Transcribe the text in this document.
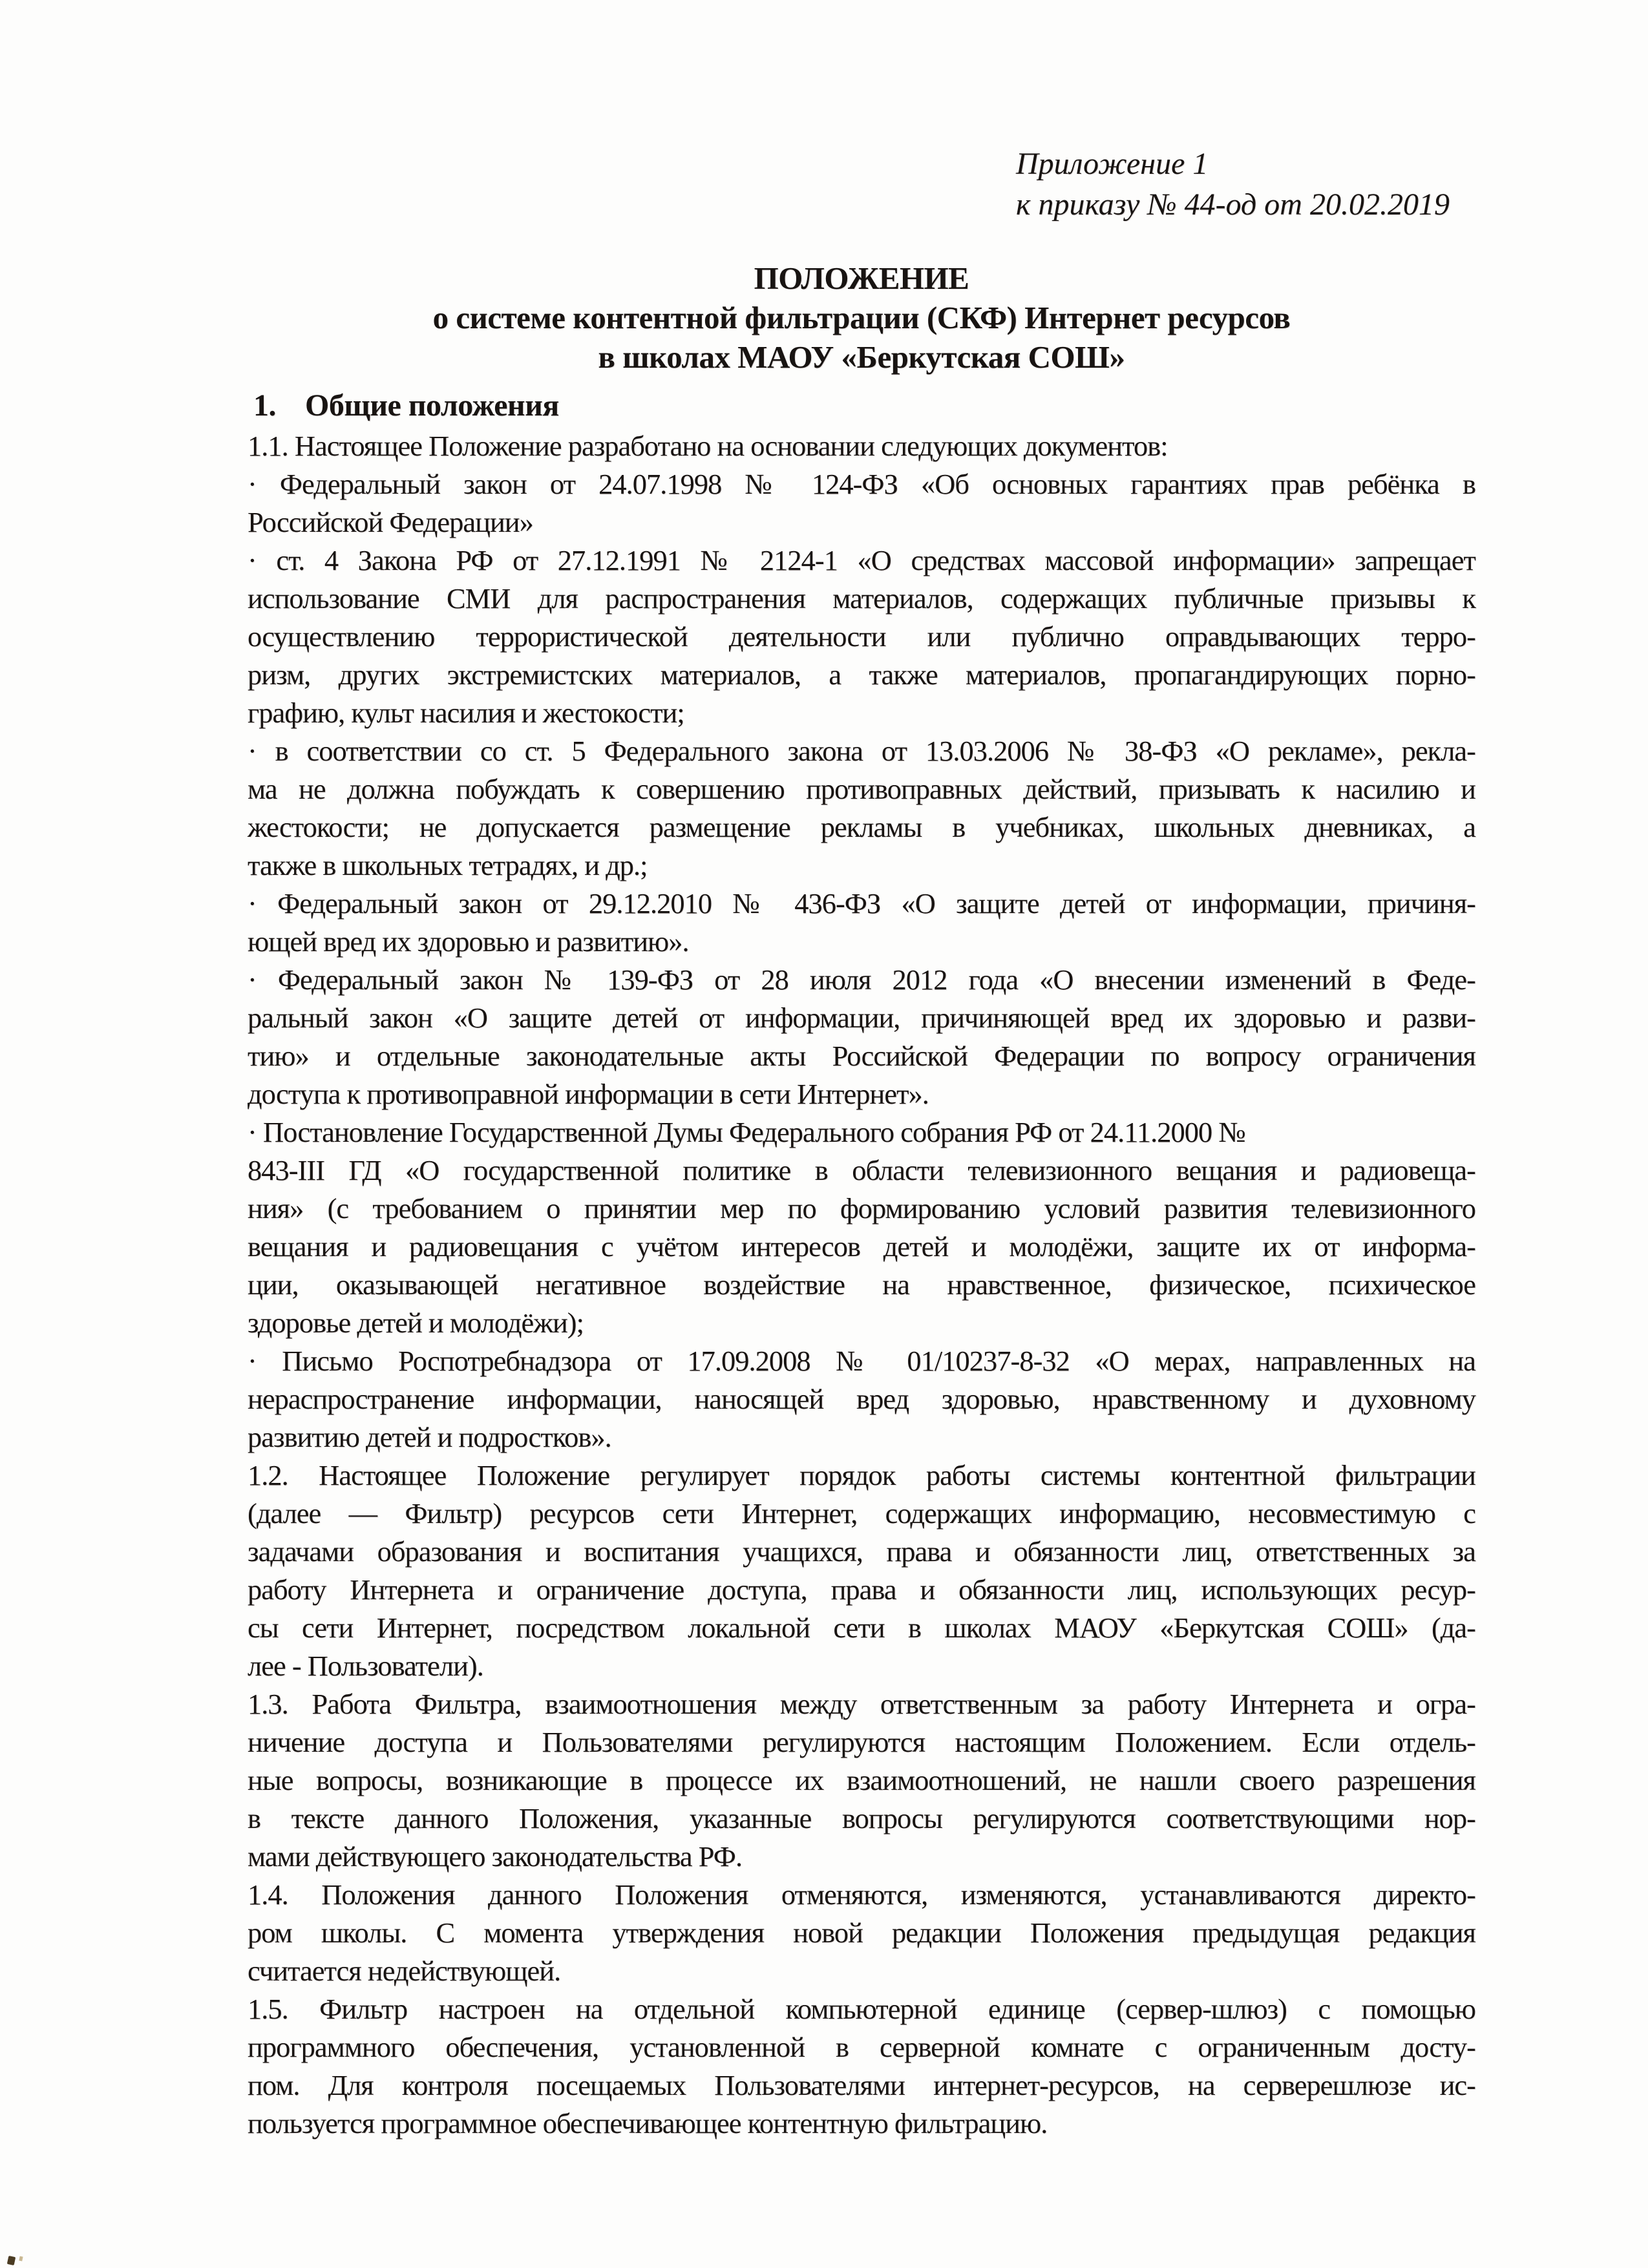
Приложение 1
к приказу № 44-од от 20.02.2019
ПОЛОЖЕНИЕ
о системе контентной фильтрации (СКФ) Интернет ресурсов
в школах МАОУ «Беркутская СОШ»
1. Общие положения
1.1. Настоящее Положение разработано на основании следующих документов:
· Федеральный закон от 24.07.1998 № 124-ФЗ «Об основных гарантиях прав ребёнка в
Российской Федерации»
· ст. 4 Закона РФ от 27.12.1991 № 2124-1 «О средствах массовой информации» запрещает
использование СМИ для распространения материалов, содержащих публичные призывы к
осуществлению террористической деятельности или публично оправдывающих терро-
ризм, других экстремистских материалов, а также материалов, пропагандирующих порно-
графию, культ насилия и жестокости;
· в соответствии со ст. 5 Федерального закона от 13.03.2006 № 38-ФЗ «О рекламе», рекла-
ма не должна побуждать к совершению противоправных действий, призывать к насилию и
жестокости; не допускается размещение рекламы в учебниках, школьных дневниках, а
также в школьных тетрадях, и др.;
· Федеральный закон от 29.12.2010 № 436-ФЗ «О защите детей от информации, причиня-
ющей вред их здоровью и развитию».
· Федеральный закон № 139-ФЗ от 28 июля 2012 года «О внесении изменений в Феде-
ральный закон «О защите детей от информации, причиняющей вред их здоровью и разви-
тию» и отдельные законодательные акты Российской Федерации по вопросу ограничения
доступа к противоправной информации в сети Интернет».
· Постановление Государственной Думы Федерального собрания РФ от 24.11.2000 №
843-III ГД «О государственной политике в области телевизионного вещания и радиовеща-
ния» (с требованием о принятии мер по формированию условий развития телевизионного
вещания и радиовещания с учётом интересов детей и молодёжи, защите их от информа-
ции, оказывающей негативное воздействие на нравственное, физическое, психическое
здоровье детей и молодёжи);
· Письмо Роспотребнадзора от 17.09.2008 № 01/10237-8-32 «О мерах, направленных на
нераспространение информации, наносящей вред здоровью, нравственному и духовному
развитию детей и подростков».
1.2. Настоящее Положение регулирует порядок работы системы контентной фильтрации
(далее — Фильтр) ресурсов сети Интернет, содержащих информацию, несовместимую с
задачами образования и воспитания учащихся, права и обязанности лиц, ответственных за
работу Интернета и ограничение доступа, права и обязанности лиц, использующих ресур-
сы сети Интернет, посредством локальной сети в школах МАОУ «Беркутская СОШ» (да-
лее - Пользователи).
1.3. Работа Фильтра, взаимоотношения между ответственным за работу Интернета и огра-
ничение доступа и Пользователями регулируются настоящим Положением. Если отдель-
ные вопросы, возникающие в процессе их взаимоотношений, не нашли своего разрешения
в тексте данного Положения, указанные вопросы регулируются соответствующими нор-
мами действующего законодательства РФ.
1.4. Положения данного Положения отменяются, изменяются, устанавливаются директо-
ром школы. С момента утверждения новой редакции Положения предыдущая редакция
считается недействующей.
1.5. Фильтр настроен на отдельной компьютерной единице (сервер-шлюз) с помощью
программного обеспечения, установленной в серверной комнате с ограниченным досту-
пом. Для контроля посещаемых Пользователями интернет-ресурсов, на серверешлюзе ис-
пользуется программное обеспечивающее контентную фильтрацию.
